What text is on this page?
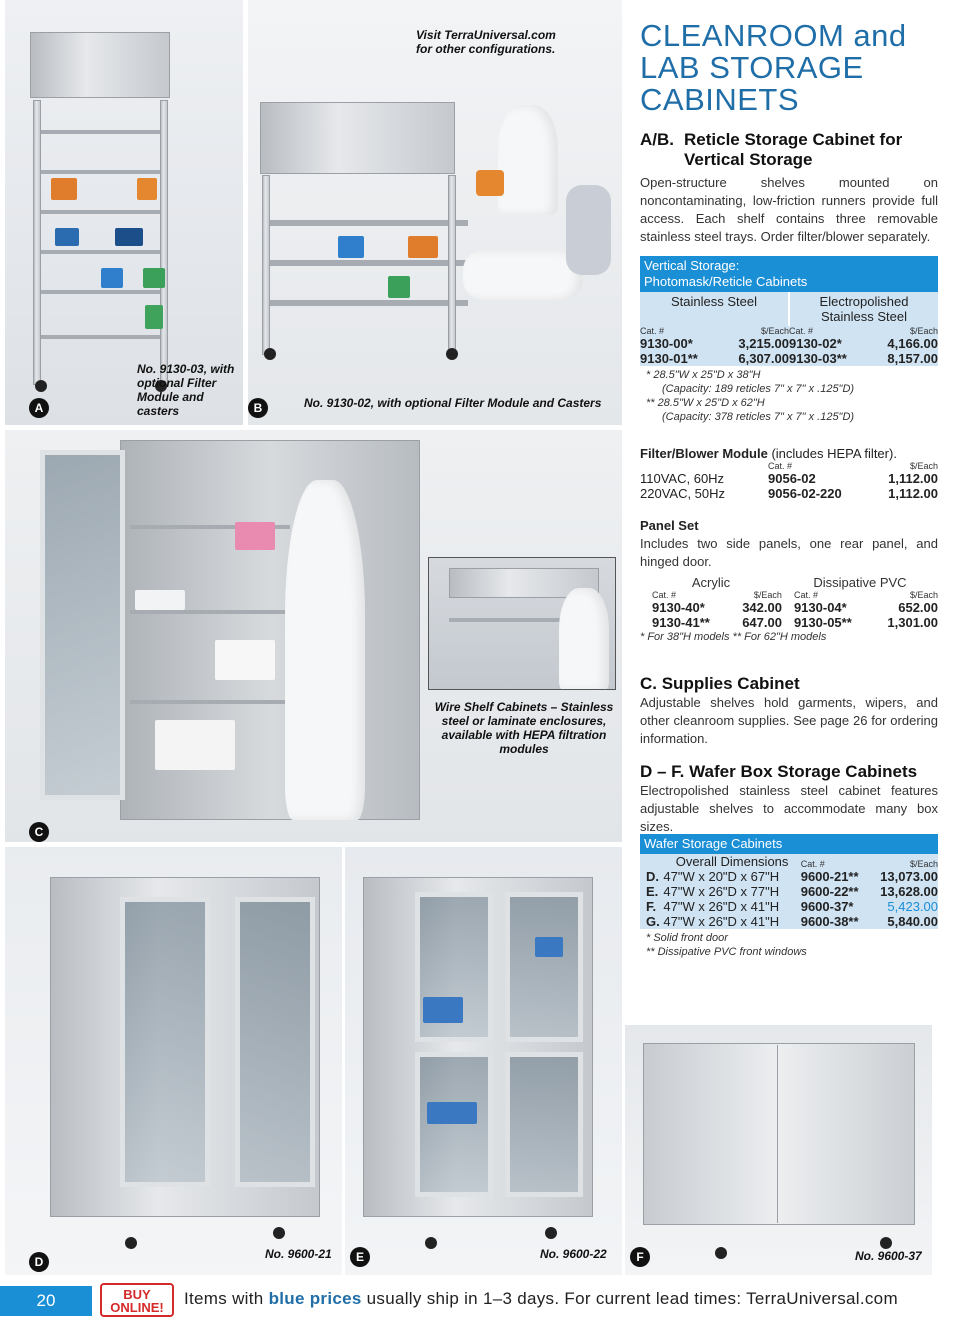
No. 9130-03, with optional Filter Module and casters
A
Visit TerraUniversal.com
for other configurations.
No. 9130-02, with optional Filter Module and Casters
B
C
Wire Shelf Cabinets – Stainless steel or laminate enclosures, available with HEPA filtration modules
No. 9600-21
D
No. 9600-22
E	No. 9600-37
F
CLEANROOM and LAB STORAGE CABINETS
A/B. Reticle Storage Cabinet for
Vertical Storage

Open-structure shelves mounted on noncontaminating, low-friction runners provide full access. Each shelf contains three removable stainless steel trays. Order filter/blower separately.

Vertical Storage:
Photomask/Reticle Cabinets
Stainless Steel		Electropolished
Stainless Steel	

Cat. #	$/Each	Cat. #	$/Each
9130-00*	3,215.00	9130-02*	4,166.00
9130-01**	6,307.00	9130-03**	8,157.00
* 28.5"W x 25"D x 38"H
(Capacity: 189 reticles 7" x 7" x .125"D)
** 28.5"W x 25"D x 62"H
(Capacity: 378 reticles 7" x 7" x .125"D)
Filter/Blower Module (includes HEPA filter).
	Cat. #	$/Each
110VAC, 60Hz	9056-02	1,112.00
220VAC, 50Hz	9056-02-220	1,112.00
Panel Set

Includes two side panels, one rear panel, and hinged door.

Acrylic		Dissipative PVC	
Cat. #	$/Each	Cat. #	$/Each
9130-40*	342.00	9130-04*	652.00
9130-41**	647.00	9130-05**	1,301.00
* For 38"H models ** For 62"H models
C. Supplies Cabinet

Adjustable shelves hold garments, wipers, and other cleanroom supplies. See page 26 for ordering information.

D – F. Wafer Box Storage Cabinets

Electropolished stainless steel cabinet features adjustable shelves to accommodate many box sizes.

Wafer Storage Cabinets
	Overall Dimensions	Cat. #	$/Each
D.	47"W x 20"D x 67"H	9600-21**	13,073.00
E.	47"W x 26"D x 77"H	9600-22**	13,628.00
F.	47"W x 26"D x 41"H	9600-37*	5,423.00
G.	47"W x 26"D x 41"H	9600-38**	5,840.00
* Solid front door
** Dissipative PVC front windows
20	BUY
ONLINE!	Items with blue prices usually ship in 1–3 days. For current lead times: TerraUniversal.com
